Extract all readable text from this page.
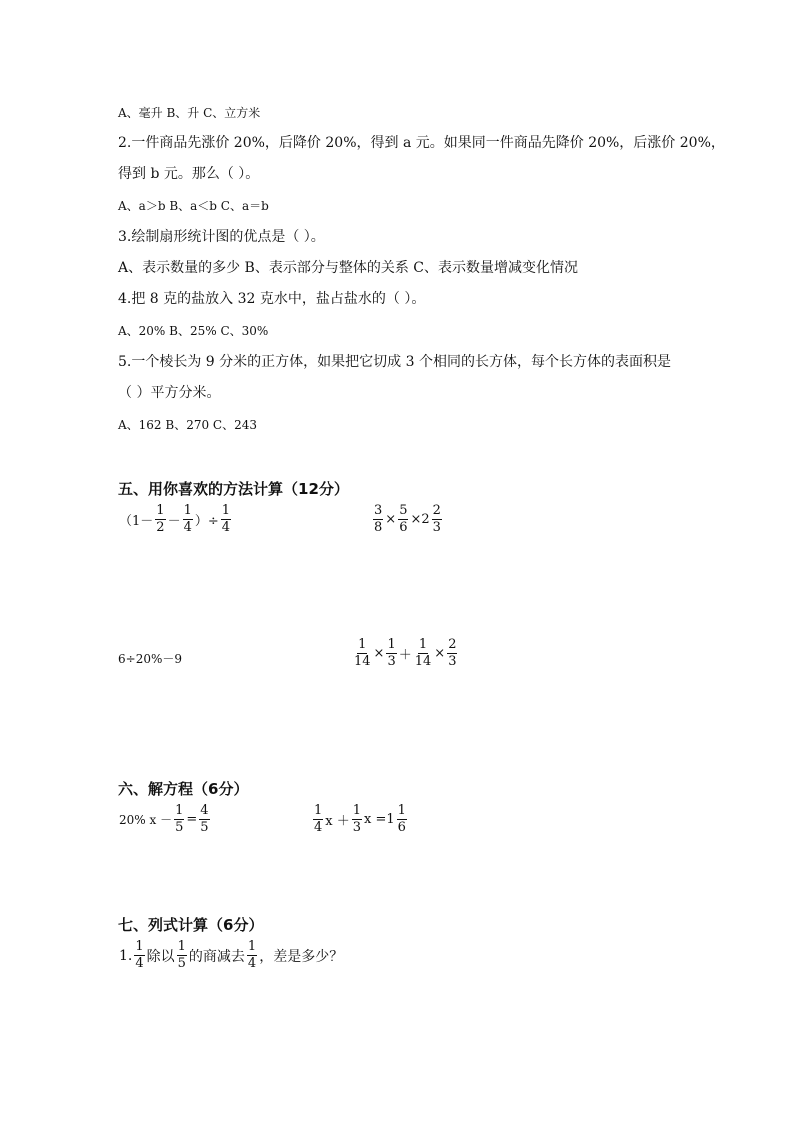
A、毫升 B、升 C、立方米
2.一件商品先涨价 20%，后降价 20%，得到 a 元。如果同一件商品先降价 20%，后涨价 20%，
得到 b 元。那么（ ）。
A、a＞b B、a＜b C、a＝b
3.绘制扇形统计图的优点是（ ）。
A、表示数量的多少 B、表示部分与整体的关系 C、表示数量增减变化情况
4.把 8 克的盐放入 32 克水中，盐占盐水的（ ）。
A、20% B、25% C、30%
5.一个棱长为 9 分米的正方体，如果把它切成 3 个相同的长方体，每个长方体的表面积是
（ ）平方分米。
A、162 B、270 C、243
五、用你喜欢的方法计算（12分）
（$1- \frac{1}{2} - \frac{1}{4}$ ）÷ $\frac{1}{4}$	$\frac{3}{8} \times \frac{5}{6} \times 2 \frac{2}{3}$
6÷20%－9	$\frac{1}{14} \times \frac{1}{3} + \frac{1}{14} \times \frac{2}{3}$
六、解方程（6分）
20% $x - \frac{1}{5} = \frac{4}{5}$	$\frac{1}{4}$ $x + \frac{1}{3}$ $x =1 \frac{1}{6}$
七、列式计算（6分）
1. $\frac{1}{4}$ 除以 $\frac{1}{5}$ 的商减去 $\frac{1}{4}$ ，差是多少？
